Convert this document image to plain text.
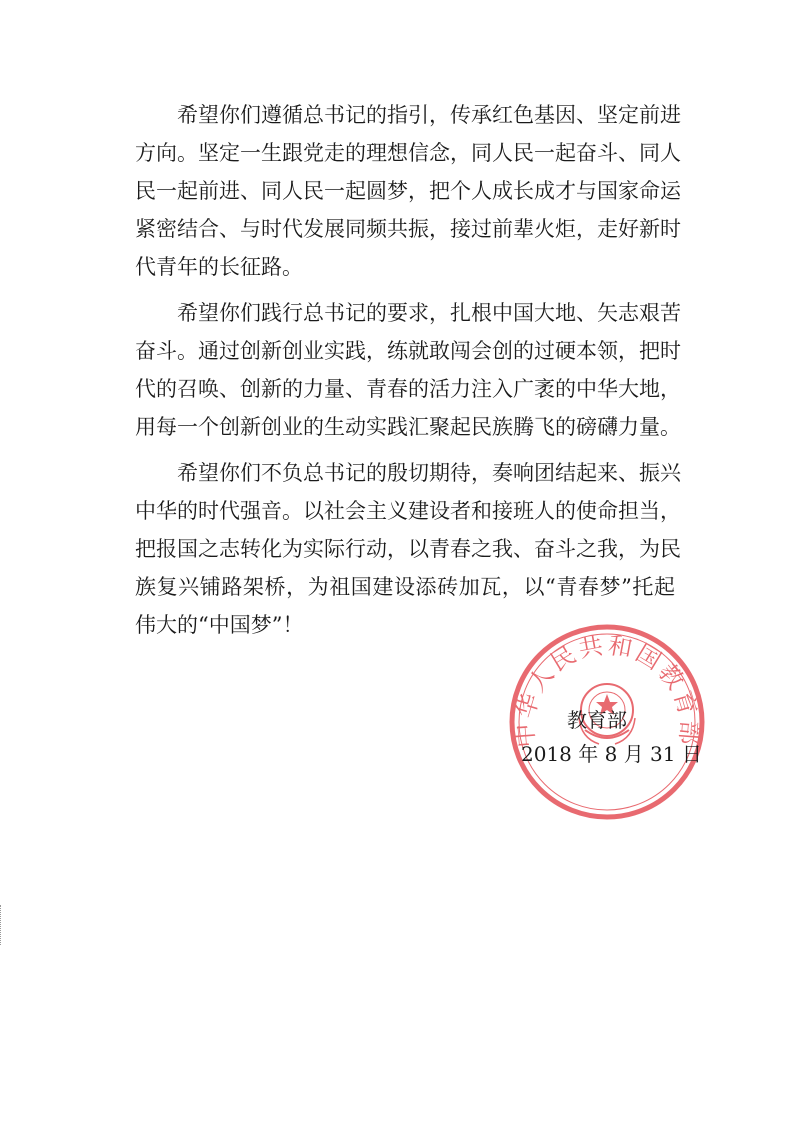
希望你们遵循总书记的指引，传承红色基因、坚定前进
方向。坚定一生跟党走的理想信念，同人民一起奋斗、同人
民一起前进、同人民一起圆梦，把个人成长成才与国家命运
紧密结合、与时代发展同频共振，接过前辈火炬，走好新时
代青年的长征路。
希望你们践行总书记的要求，扎根中国大地、矢志艰苦
奋斗。通过创新创业实践，练就敢闯会创的过硬本领，把时
代的召唤、创新的力量、青春的活力注入广袤的中华大地，
用每一个创新创业的生动实践汇聚起民族腾飞的磅礴力量。
希望你们不负总书记的殷切期待，奏响团结起来、振兴
中华的时代强音。以社会主义建设者和接班人的使命担当，
把报国之志转化为实际行动，以青春之我、奋斗之我，为民
族复兴铺路架桥，为祖国建设添砖加瓦，以“青春梦”托起
伟大的“中国梦”！
中华人民共和国教育部
教育部
2018 年 8 月 31 日
